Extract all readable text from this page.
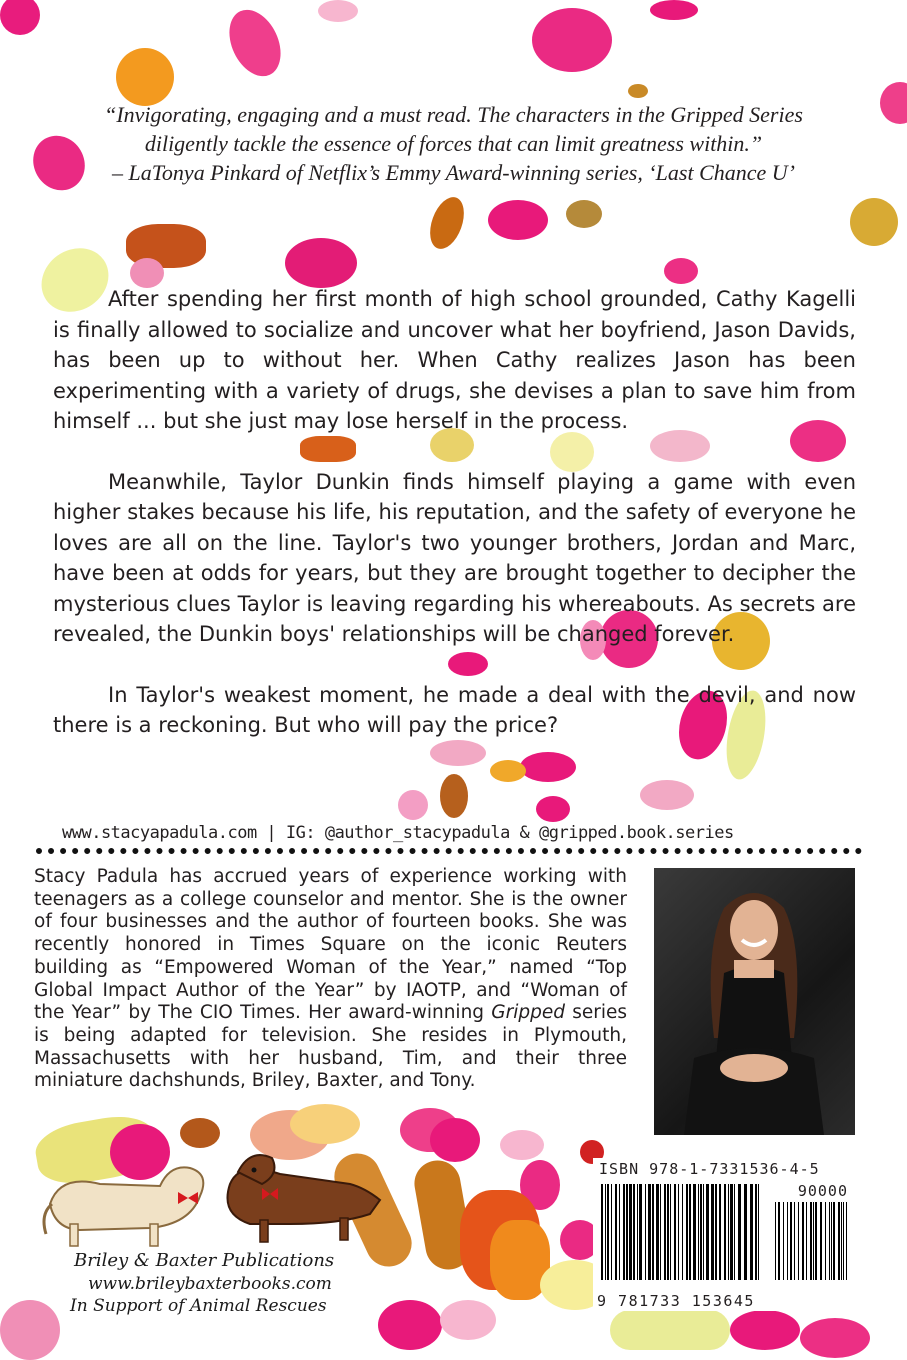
“Invigorating, engaging and a must read. The characters in the Gripped Series
diligently tackle the essence of forces that can limit greatness within.”
– LaTonya Pinkard of Netflix’s Emmy Award-winning series, ‘Last Chance U’

After spending her first month of high school grounded, Cathy Kagelli is finally allowed to socialize and uncover what her boyfriend, Jason Davids, has been up to without her. When Cathy realizes Jason has been experimenting with a variety of drugs, she devises a plan to save him from himself ... but she just may lose herself in the process.

Meanwhile, Taylor Dunkin finds himself playing a game with even higher stakes because his life, his reputation, and the safety of everyone he loves are all on the line. Taylor's two younger brothers, Jordan and Marc, have been at odds for years, but they are brought together to decipher the mysterious clues Taylor is leaving regarding his whereabouts. As secrets are revealed, the Dunkin boys' relationships will be changed forever.

In Taylor's weakest moment, he made a deal with the devil, and now there is a reckoning. But who will pay the price?

www.stacyapadula.com | IG: @author_stacypadula & @gripped.book.series
Stacy Padula has accrued years of experience working with teenagers as a college counselor and mentor. She is the owner of four businesses and the author of fourteen books. She was recently honored in Times Square on the iconic Reuters building as “Empowered Woman of the Year,” named “Top Global Impact Author of the Year” by IAOTP, and “Woman of the Year” by The CIO Times. Her award-winning Gripped series is being adapted for television. She resides in Plymouth, Massachusetts with her husband, Tim, and their three miniature dachshunds, Briley, Baxter, and Tony.
Briley & Baxter Publications
www.brileybaxterbooks.com
In Support of Animal Rescues
ISBN 978-1-7331536-4-5
90000
9 781733 153645
